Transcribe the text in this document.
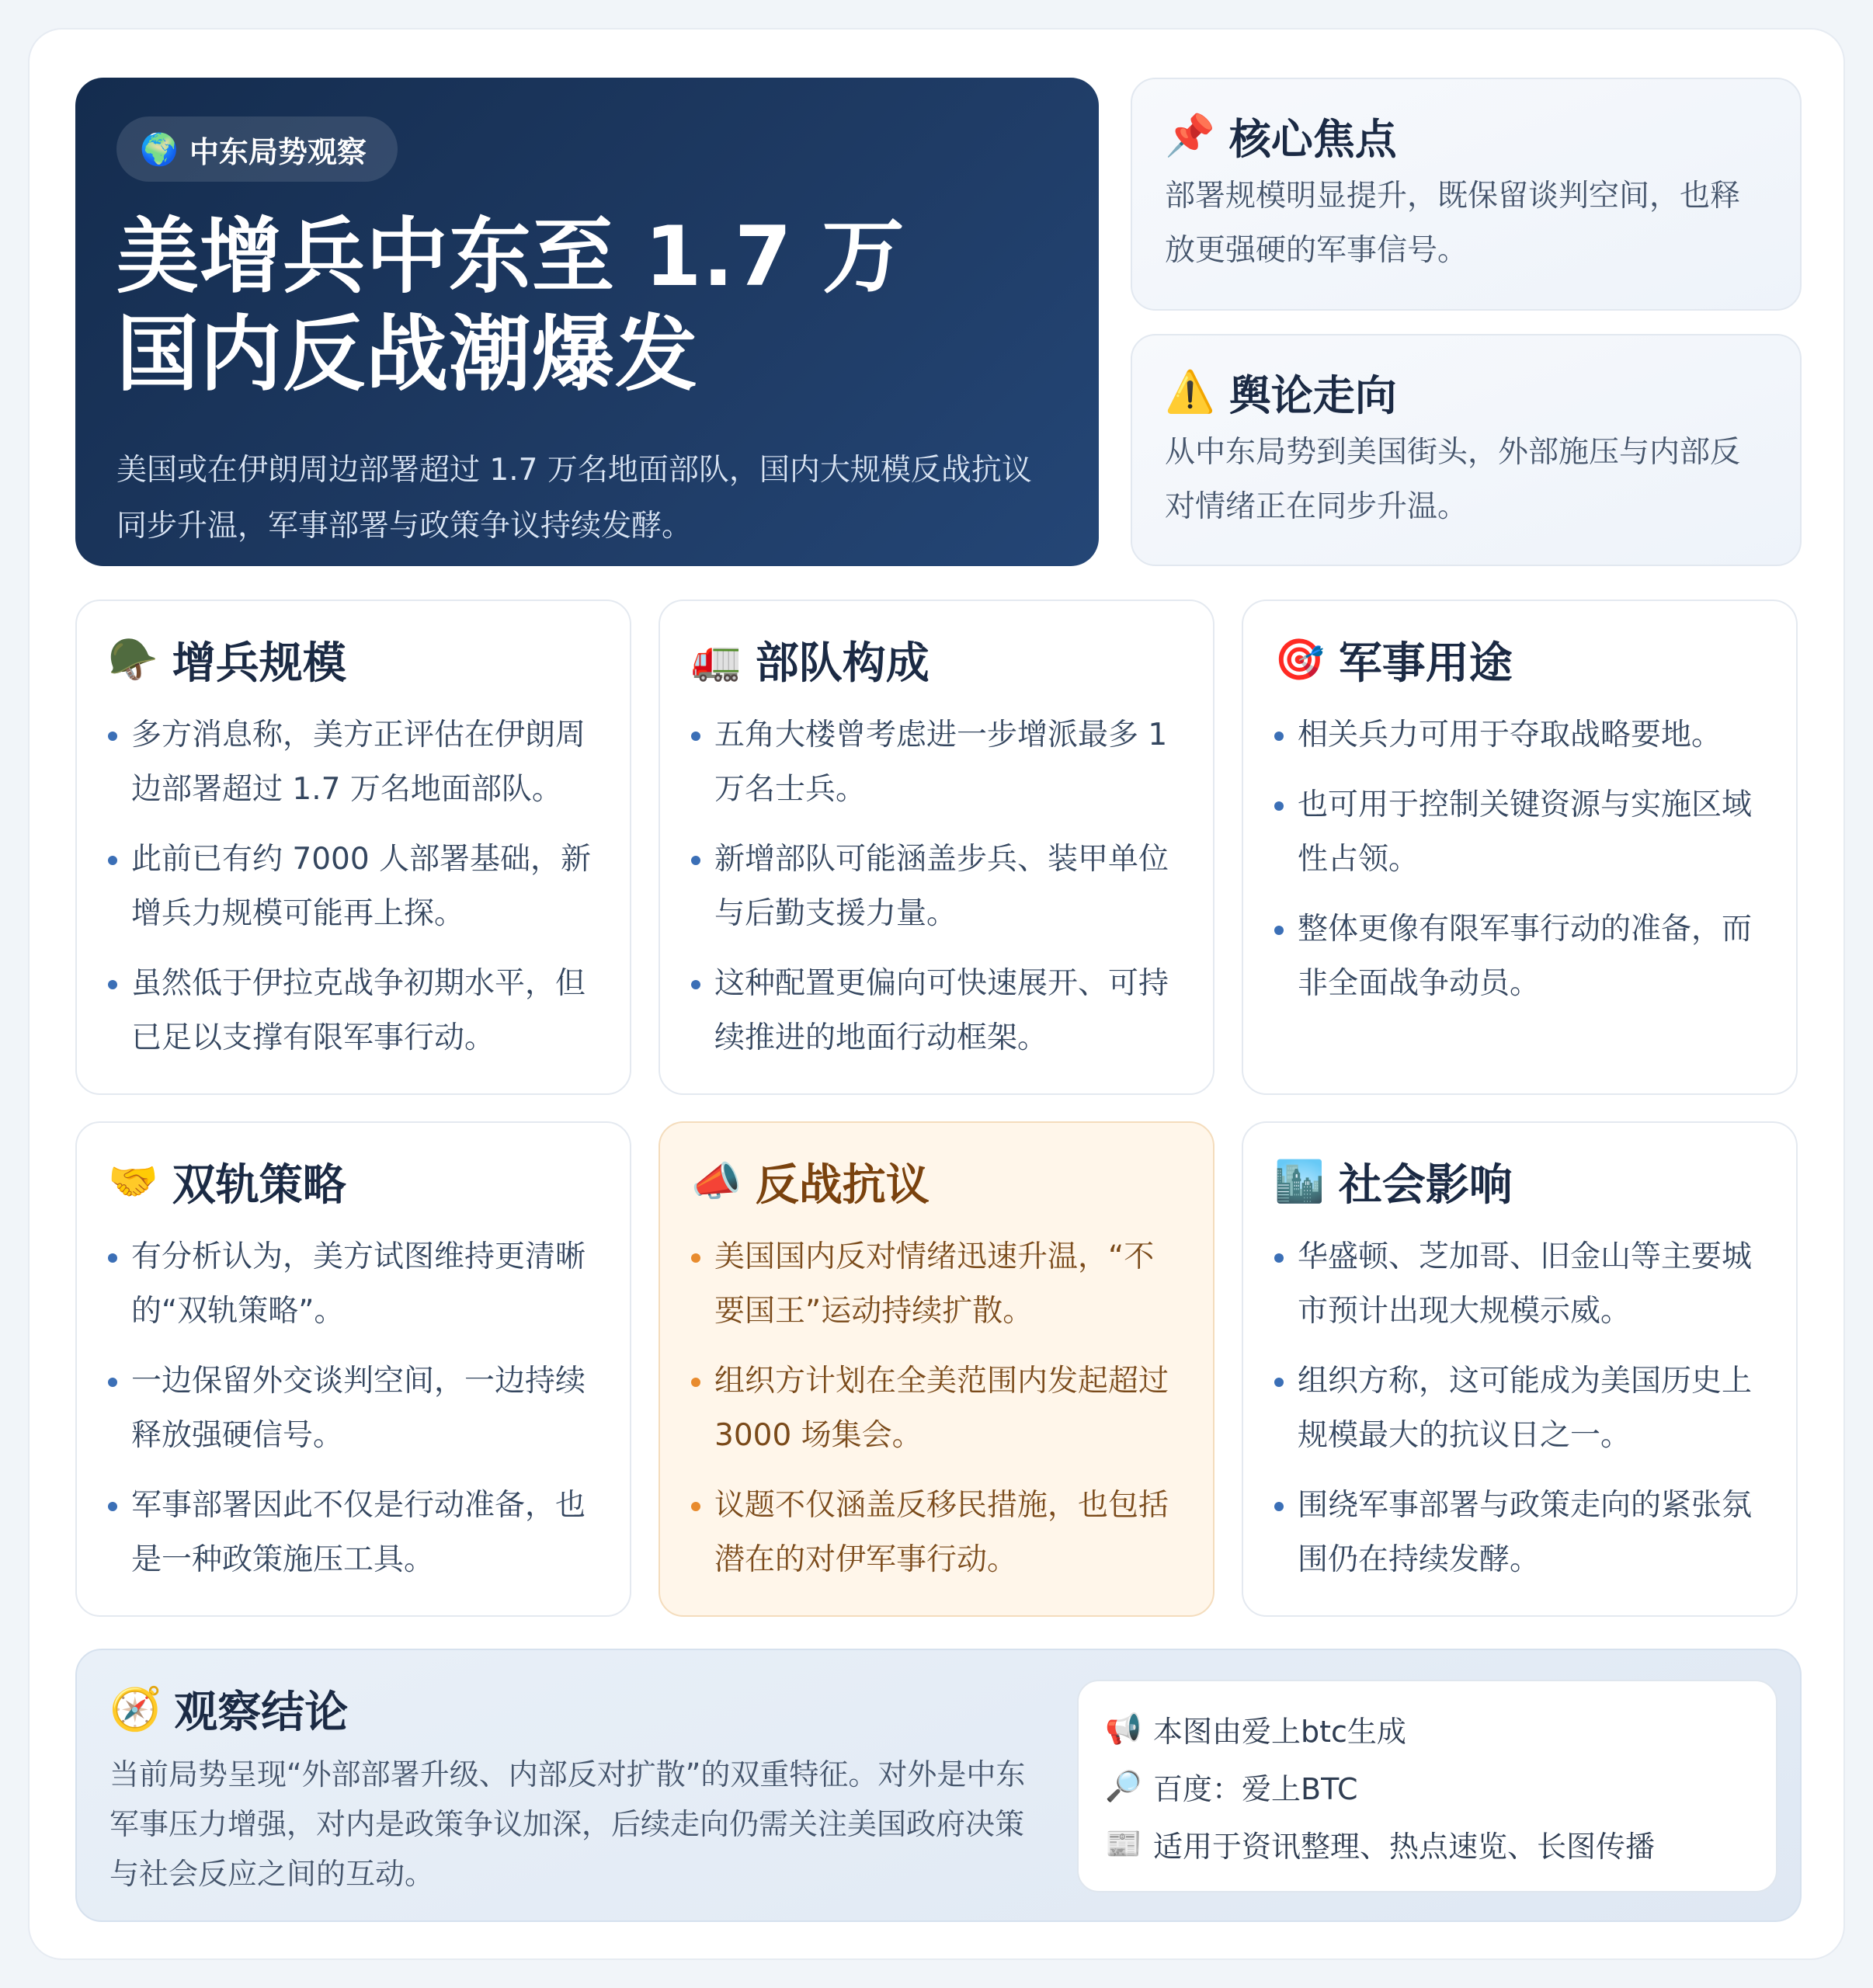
🌍 中东局势观察
美增兵中东至 1.7 万
国内反战潮爆发
美国或在伊朗周边部署超过 1.7 万名地面部队，国内大规模反战抗议同步升温，军事部署与政策争议持续发酵。
📌 核心焦点
部署规模明显提升，既保留谈判空间，也释放更强硬的军事信号。
⚠️ 舆论走向
从中东局势到美国街头，外部施压与内部反对情绪正在同步升温。
🪖 增兵规模
多方消息称，美方正评估在伊朗周边部署超过 1.7 万名地面部队。
此前已有约 7000 人部署基础，新增兵力规模可能再上探。
虽然低于伊拉克战争初期水平，但已足以支撑有限军事行动。
🚛 部队构成
五角大楼曾考虑进一步增派最多 1 万名士兵。
新增部队可能涵盖步兵、装甲单位与后勤支援力量。
这种配置更偏向可快速展开、可持续推进的地面行动框架。
🎯 军事用途
相关兵力可用于夺取战略要地。
也可用于控制关键资源与实施区域性占领。
整体更像有限军事行动的准备，而非全面战争动员。
🤝 双轨策略
有分析认为，美方试图维持更清晰的“双轨策略”。
一边保留外交谈判空间，一边持续释放强硬信号。
军事部署因此不仅是行动准备，也是一种政策施压工具。
📣 反战抗议
美国国内反对情绪迅速升温，“不要国王”运动持续扩散。
组织方计划在全美范围内发起超过 3000 场集会。
议题不仅涵盖反移民措施，也包括潜在的对伊军事行动。
🏙️ 社会影响
华盛顿、芝加哥、旧金山等主要城市预计出现大规模示威。
组织方称，这可能成为美国历史上规模最大的抗议日之一。
围绕军事部署与政策走向的紧张氛围仍在持续发酵。
🧭 观察结论
当前局势呈现“外部部署升级、内部反对扩散”的双重特征。对外是中东军事压力增强，对内是政策争议加深，后续走向仍需关注美国政府决策与社会反应之间的互动。
📢 本图由爱上btc生成
🔎 百度：爱上BTC
📰 适用于资讯整理、热点速览、长图传播
